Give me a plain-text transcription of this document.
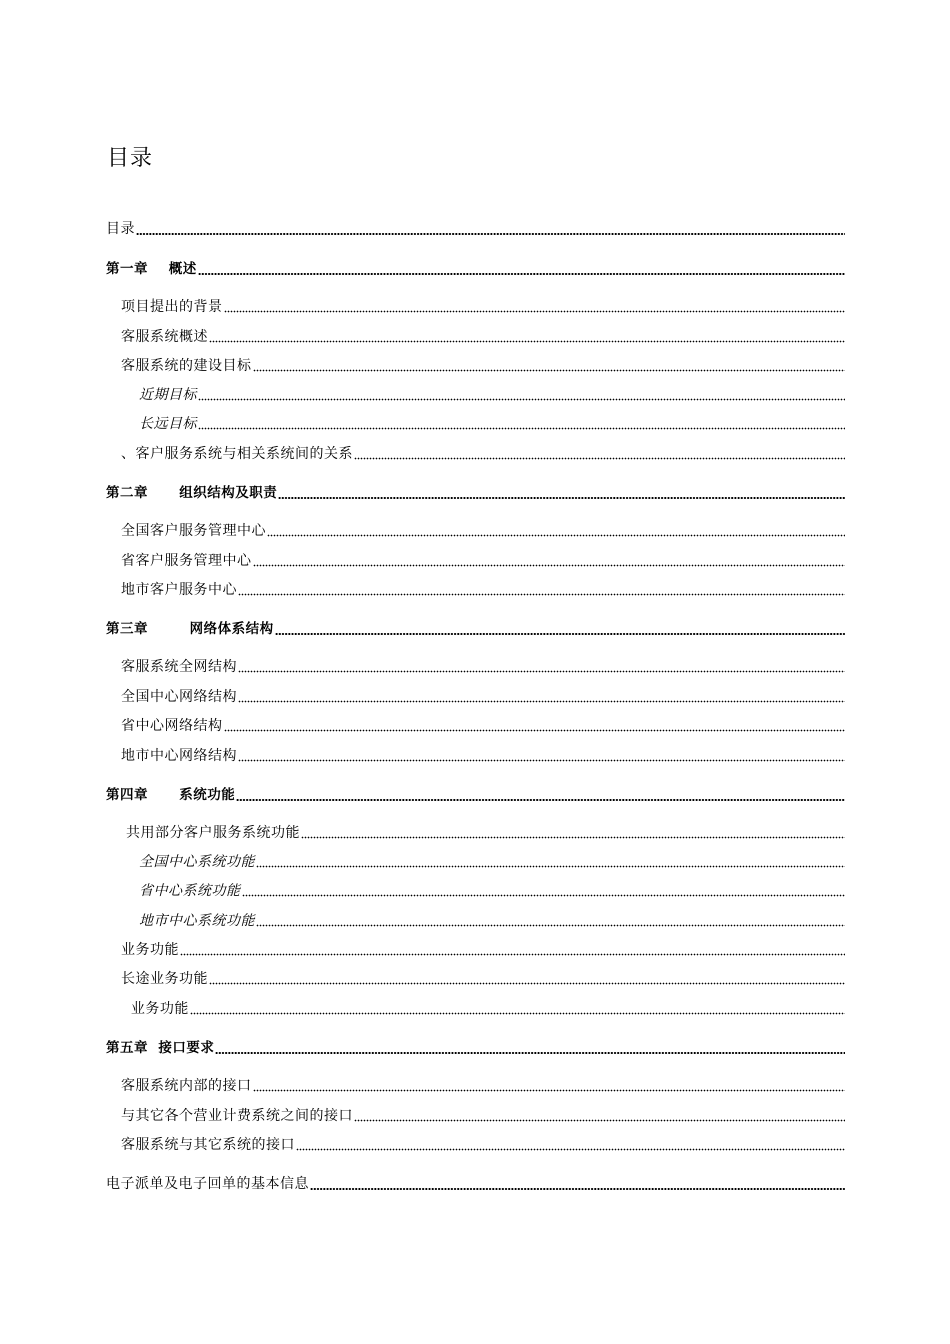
目录
目录
第一章    概述
项目提出的背景
客服系统概述
客服系统的建设目标
近期目标
长远目标
、客户服务系统与相关系统间的关系
第二章      组织结构及职责
全国客户服务管理中心
省客户服务管理中心
地市客户服务中心
第三章        网络体系结构
客服系统全网结构
全国中心网络结构
省中心网络结构
地市中心网络结构
第四章      系统功能
共用部分客户服务系统功能
全国中心系统功能
省中心系统功能
地市中心系统功能
业务功能
长途业务功能
业务功能
第五章  接口要求
客服系统内部的接口
与其它各个营业计费系统之间的接口
客服系统与其它系统的接口
电子派单及电子回单的基本信息
